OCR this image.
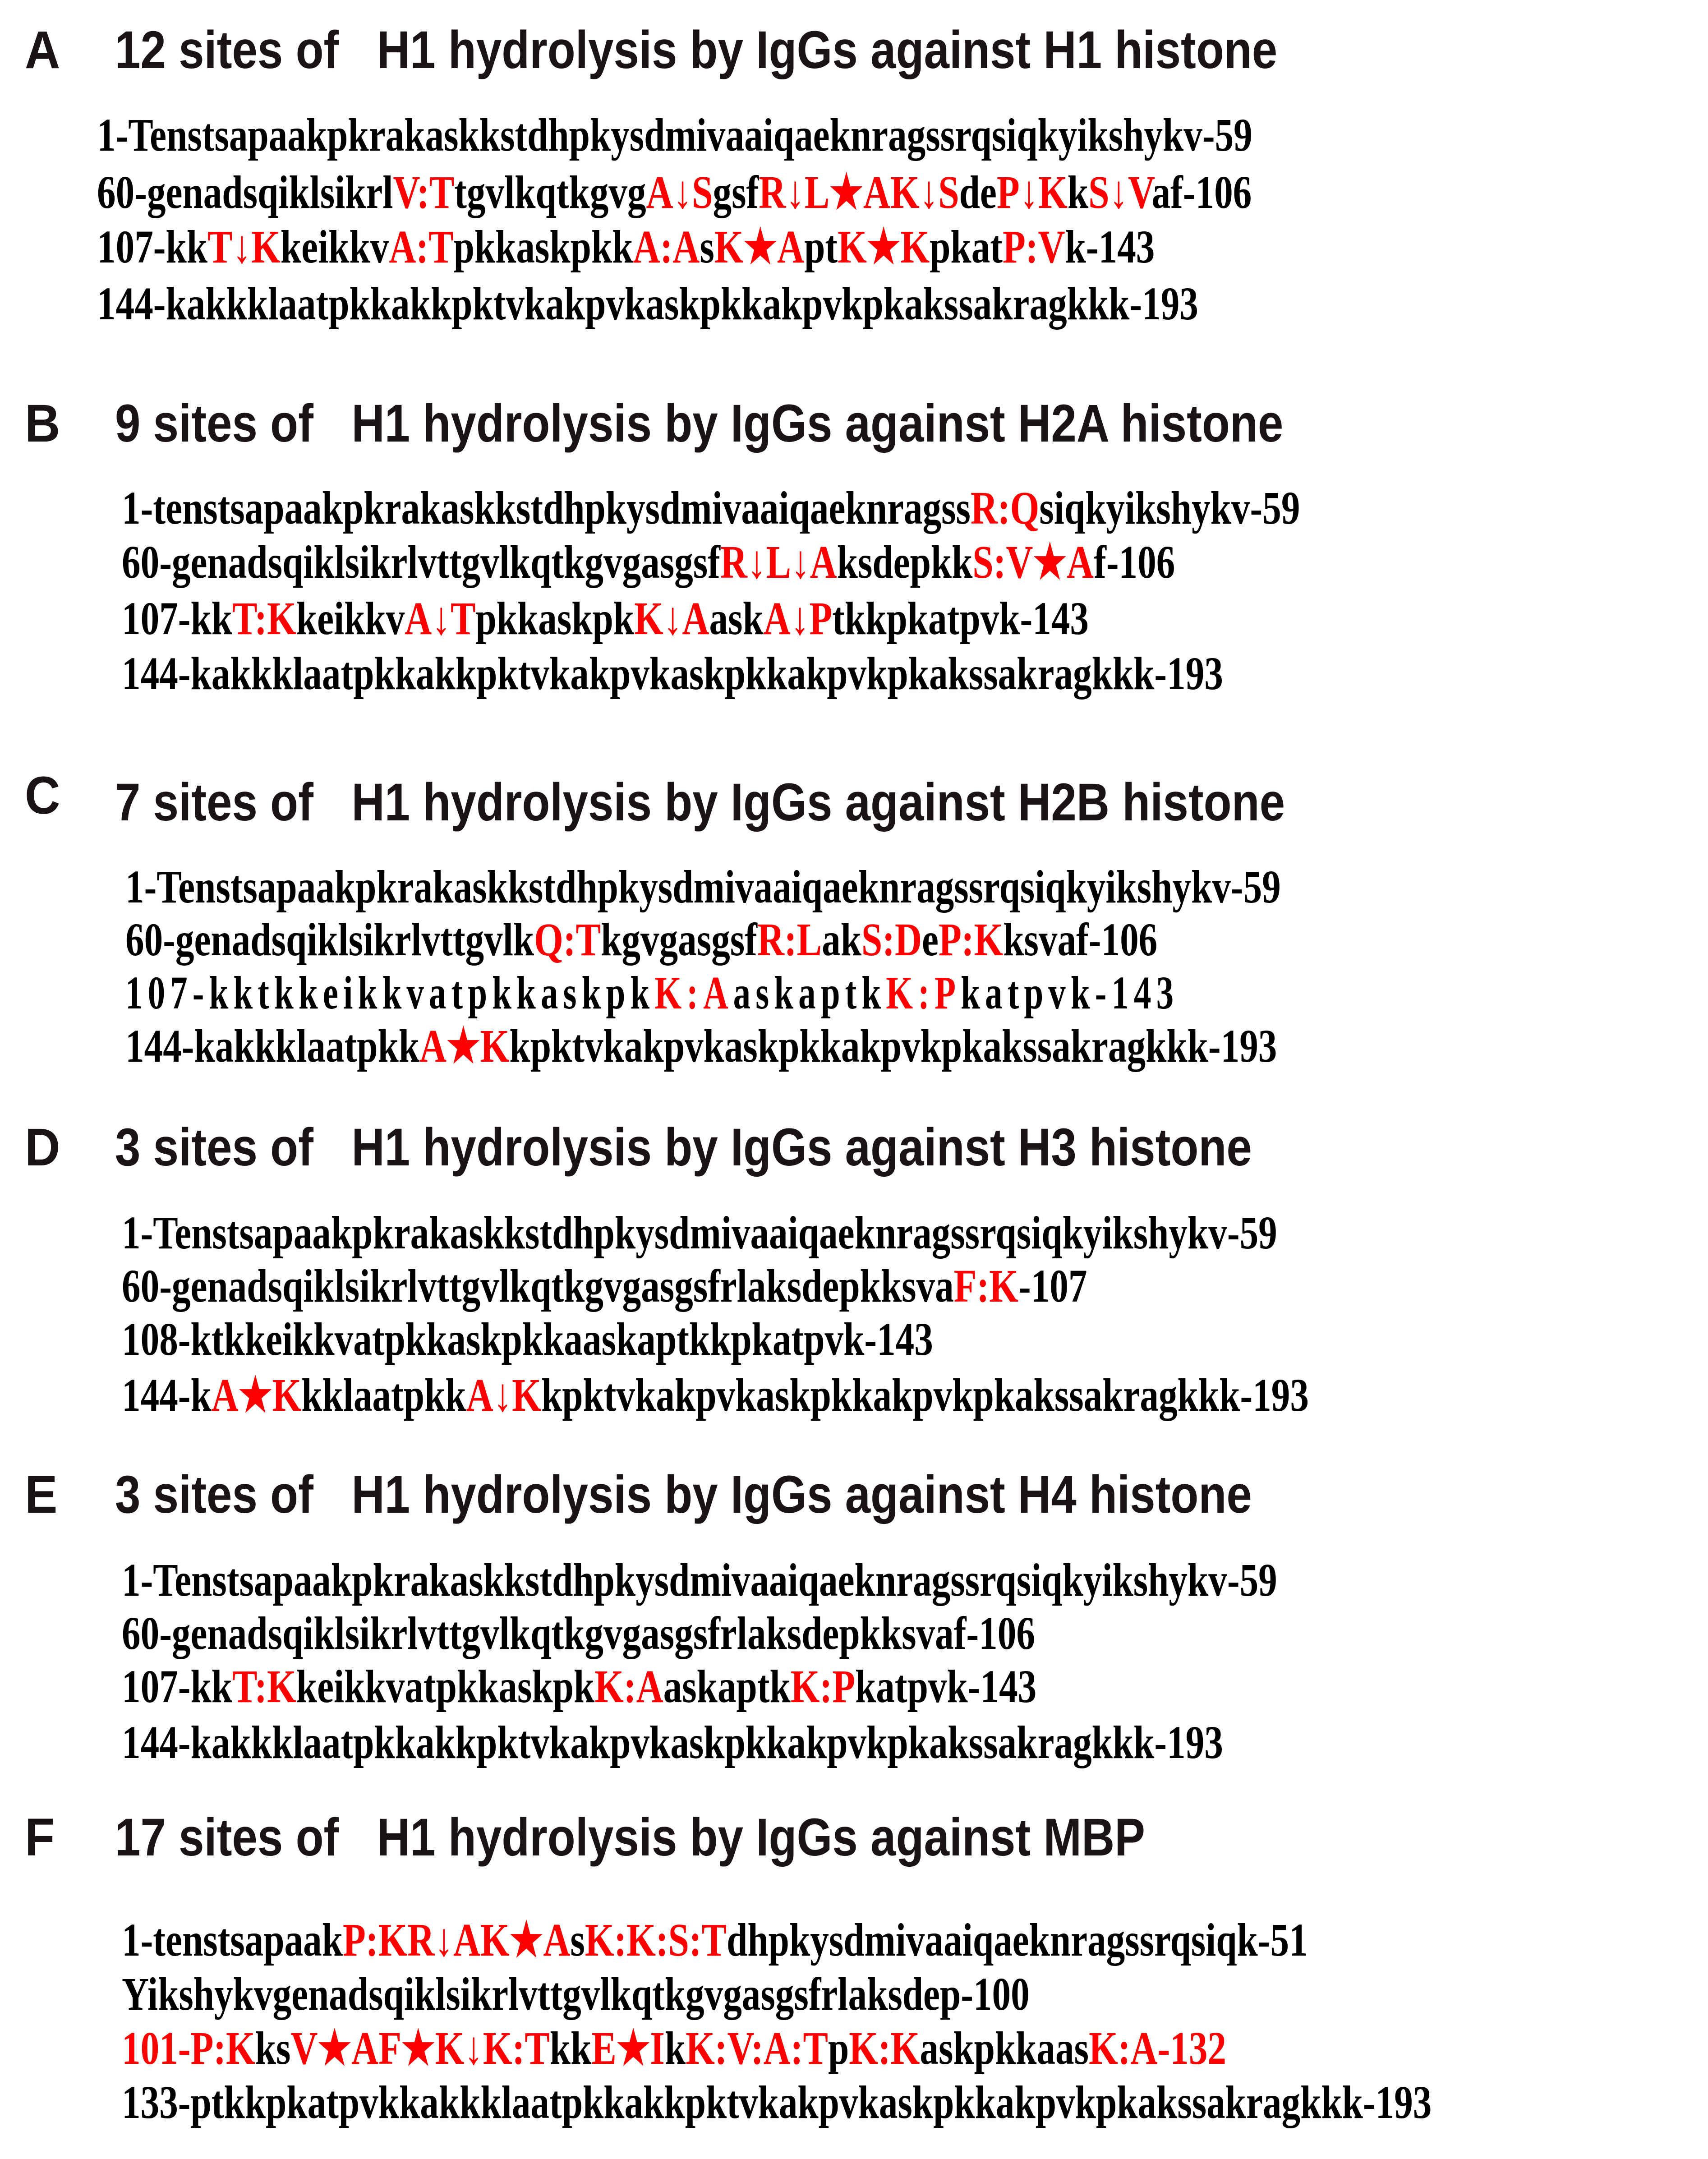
A 12 sites of   H1 hydrolysis by IgGs against H1 histone
1-Tenstsapaakpkrakaskkstdhpkysdmivaaiqaeknragssrqsiqkyikshykv-59
60-genadsqiklsikrlV:TtgvlkqtkgvgA↓SgsfR↓L★AK↓SdeP↓KkS↓Vaf-106
107-kkT↓KkeikkvA:TpkkaskpkkA:AsK★AptK★KpkatP:Vk-143
144-kakkklaatpkkakkpktvkakpvkaskpkkakpvkpkakssakragkkk-193
B 9 sites of   H1 hydrolysis by IgGs against H2A histone
1-tenstsapaakpkrakaskkstdhpkysdmivaaiqaeknragssR:Qsiqkyikshykv-59
60-genadsqiklsikrlvttgvlkqtkgvgasgsfR↓L↓AksdepkkS:V★Af-106
107-kkT:KkeikkvA↓TpkkaskpkK↓AaskA↓Ptkkpkatpvk-143
144-kakkklaatpkkakkpktvkakpvkaskpkkakpvkpkakssakragkkk-193
C 7 sites of   H1 hydrolysis by IgGs against H2B histone
1-Tenstsapaakpkrakaskkstdhpkysdmivaaiqaeknragssrqsiqkyikshykv-59
60-genadsqiklsikrlvttgvlkQ:TkgvgasgsfR:LakS:DeP:Kksvaf-106
107-kktkkeikkvatpkkaskpkK:AaskaptkK:Pkatpvk-143
144-kakkklaatpkkA★Kkpktvkakpvkaskpkkakpvkpkakssakragkkk-193
D 3 sites of   H1 hydrolysis by IgGs against H3 histone
1-Tenstsapaakpkrakaskkstdhpkysdmivaaiqaeknragssrqsiqkyikshykv-59
60-genadsqiklsikrlvttgvlkqtkgvgasgsfrlaksdepkksvaF:K-107
108-ktkkeikkvatpkkaskpkkaaskaptkkpkatpvk-143
144-kA★KkklaatpkkA↓Kkpktvkakpvkaskpkkakpvkpkakssakragkkk-193
E 3 sites of   H1 hydrolysis by IgGs against H4 histone
1-Tenstsapaakpkrakaskkstdhpkysdmivaaiqaeknragssrqsiqkyikshykv-59
60-genadsqiklsikrlvttgvlkqtkgvgasgsfrlaksdepkksvaf-106
107-kkT:KkeikkvatpkkaskpkK:AaskaptkK:Pkatpvk-143
144-kakkklaatpkkakkpktvkakpvkaskpkkakpvkpkakssakragkkk-193
F 17 sites of   H1 hydrolysis by IgGs against MBP
1-tenstsapaakP:KR↓AK★AsK:K:S:Tdhpkysdmivaaiqaeknragssrqsiqk-51
Yikshykvgenadsqiklsikrlvttgvlkqtkgvgasgsfrlaksdep-100
101-P:KksV★AF★K↓K:TkkE★IkK:V:A:TpK:KaskpkkaasK:A-132
133-ptkkpkatpvkkakkklaatpkkakkpktvkakpvkaskpkkakpvkpkakssakragkkk-193
